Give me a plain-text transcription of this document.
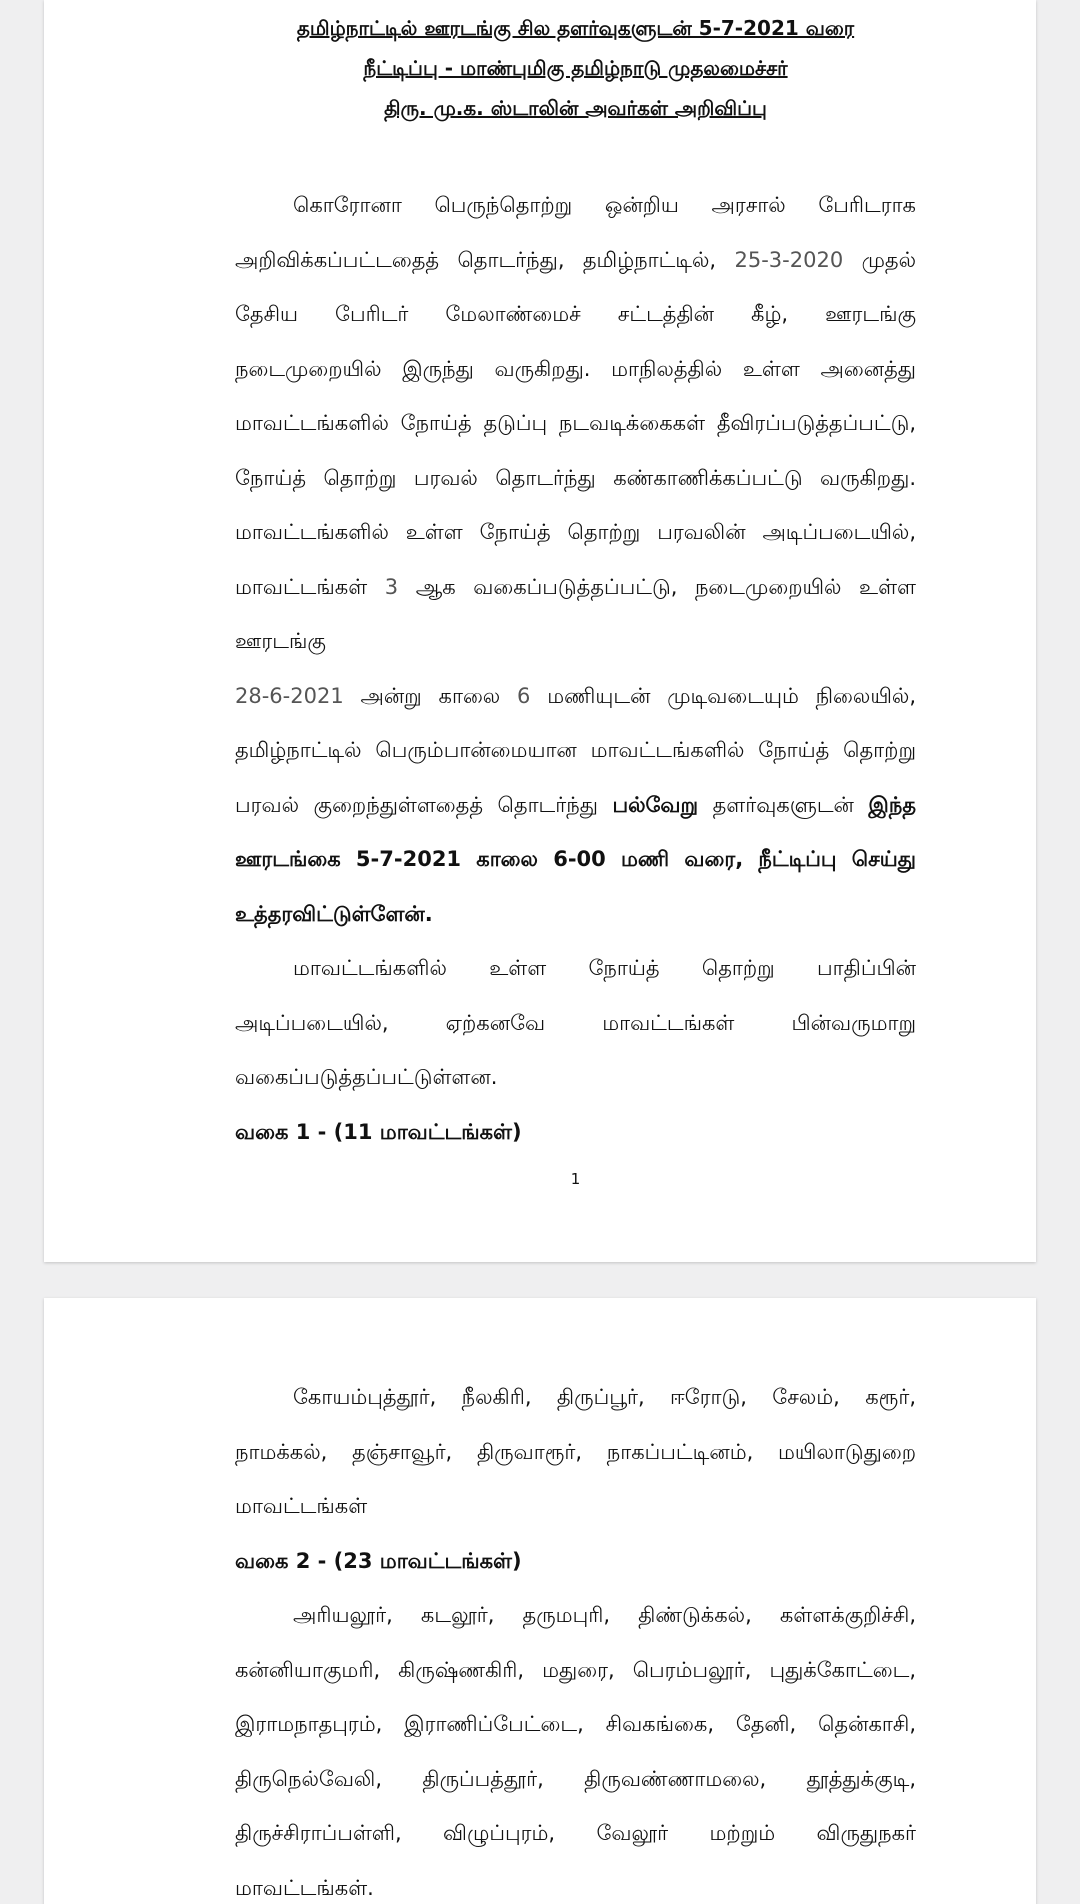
தமிழ்நாட்டில் ஊரடங்கு சில தளர்வுகளுடன் 5-7-2021 வரை
நீட்டிப்பு - மாண்புமிகு தமிழ்நாடு முதலமைச்சர்
திரு. மு.க. ஸ்டாலின் அவர்கள் அறிவிப்பு

கொரோனா பெருந்தொற்று ஒன்றிய அரசால் பேரிடராக

அறிவிக்கப்பட்டதைத் தொடர்ந்து, தமிழ்நாட்டில், 25-3-2020 முதல்

தேசிய பேரிடர் மேலாண்மைச் சட்டத்தின் கீழ், ஊரடங்கு

நடைமுறையில் இருந்து வருகிறது. மாநிலத்தில் உள்ள அனைத்து

மாவட்டங்களில் நோய்த் தடுப்பு நடவடிக்கைகள் தீவிரப்படுத்தப்பட்டு,

நோய்த் தொற்று பரவல் தொடர்ந்து கண்காணிக்கப்பட்டு வருகிறது.

மாவட்டங்களில் உள்ள நோய்த் தொற்று பரவலின் அடிப்படையில்,

மாவட்டங்கள் 3 ஆக வகைப்படுத்தப்பட்டு, நடைமுறையில் உள்ள

ஊரடங்கு

28-6-2021 அன்று காலை 6 மணியுடன் முடிவடையும் நிலையில்,

தமிழ்நாட்டில் பெரும்பான்மையான மாவட்டங்களில் நோய்த் தொற்று

பரவல் குறைந்துள்ளதைத் தொடர்ந்து பல்வேறு தளர்வுகளுடன் இந்த

ஊரடங்கை 5-7-2021 காலை 6-00 மணி வரை, நீட்டிப்பு செய்து

உத்தரவிட்டுள்ளேன்.

மாவட்டங்களில் உள்ள நோய்த் தொற்று பாதிப்பின்

அடிப்படையில், ஏற்கனவே மாவட்டங்கள் பின்வருமாறு

வகைப்படுத்தப்பட்டுள்ளன.

வகை 1 - (11 மாவட்டங்கள்)

1

கோயம்புத்தூர், நீலகிரி, திருப்பூர், ஈரோடு, சேலம், கரூர்,

நாமக்கல், தஞ்சாவூர், திருவாரூர், நாகப்பட்டினம், மயிலாடுதுறை

மாவட்டங்கள்

வகை 2 - (23 மாவட்டங்கள்)

அரியலூர், கடலூர், தருமபுரி, திண்டுக்கல், கள்ளக்குறிச்சி,

கன்னியாகுமரி, கிருஷ்ணகிரி, மதுரை, பெரம்பலூர், புதுக்கோட்டை,

இராமநாதபுரம், இராணிப்பேட்டை, சிவகங்கை, தேனி, தென்காசி,

திருநெல்வேலி, திருப்பத்தூர், திருவண்ணாமலை, தூத்துக்குடி,

திருச்சிராப்பள்ளி, விழுப்புரம், வேலூர் மற்றும் விருதுநகர்

மாவட்டங்கள்.
